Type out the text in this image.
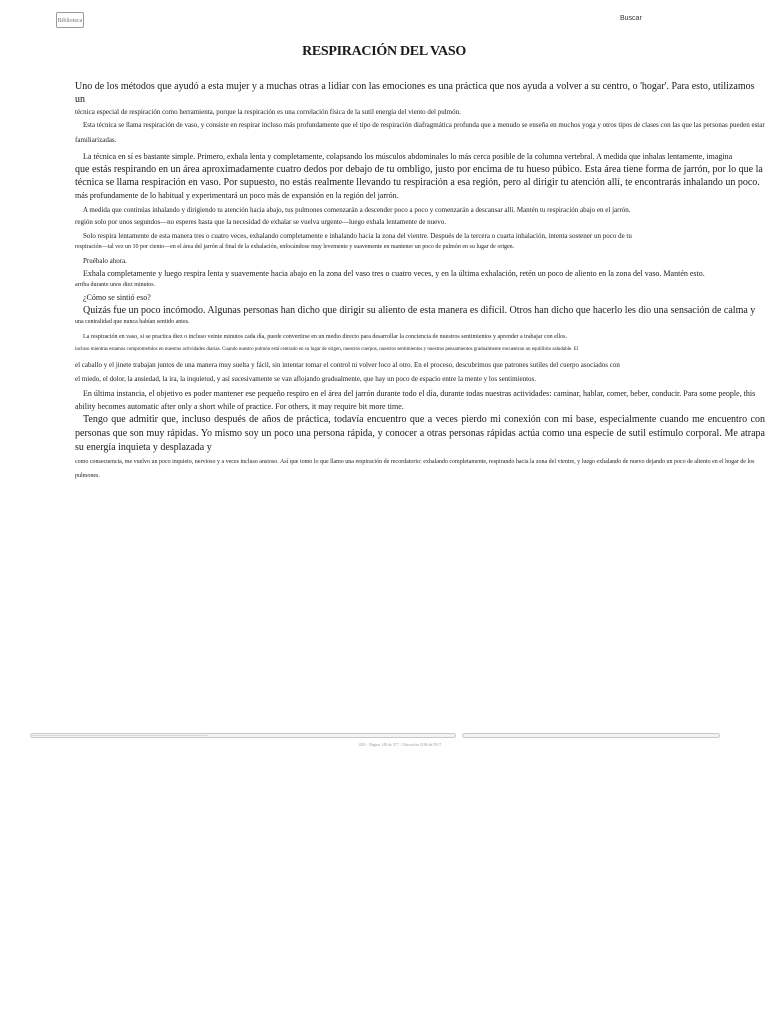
Biblioteca	Buscar
RESPIRACIÓN DEL VASO

Uno de los métodos que ayudó a esta mujer y a muchas otras a lidiar con las emociones es una práctica que nos ayuda a volver a su centro, o 'hogar'. Para esto, utilizamos un

técnica especial de respiración como herramienta, porque la respiración es una correlación física de la sutil energía del viento del pulmón.

Esta técnica se llama respiración de vaso, y consiste en respirar incluso más profundamente que el tipo de respiración diafragmática profunda que a menudo se enseña en muchos yoga y otros tipos de clases con las que las personas pueden estar familiarizadas.

La técnica en sí es bastante simple. Primero, exhala lenta y completamente, colapsando los músculos abdominales lo más cerca posible de la columna vertebral. A medida que inhalas lentamente, imagina

que estás respirando en un área aproximadamente cuatro dedos por debajo de tu ombligo, justo por encima de tu hueso púbico. Esta área tiene forma de jarrón, por lo que la técnica se llama respiración en vaso. Por supuesto, no estás realmente llevando tu respiración a esa región, pero al dirigir tu atención allí, te encontrarás inhalando un poco.

más profundamente de lo habitual y experimentará un poco más de expansión en la región del jarrón.

A medida que continúas inhalando y dirigiendo tu atención hacia abajo, tus pulmones comenzarán a descender poco a poco y comenzarán a descansar allí. Mantén tu respiración abajo en el jarrón.

región solo por unos segundos—no esperes hasta que la necesidad de exhalar se vuelva urgente—luego exhala lentamente de nuevo.

Solo respira lentamente de esta manera tres o cuatro veces, exhalando completamente e inhalando hacia la zona del vientre. Después de la tercera o cuarta inhalación, intenta sostener un poco de tu

respiración—tal vez un 10 por ciento—en el área del jarrón al final de la exhalación, enfocándose muy levemente y suavemente en mantener un poco de pulmón en su lugar de origen.

Pruébalo ahora.

Exhala completamente y luego respira lenta y suavemente hacia abajo en la zona del vaso tres o cuatro veces, y en la última exhalación, retén un poco de aliento en la zona del vaso. Mantén esto.

arriba durante unos diez minutos.

¿Cómo se sintió eso?

Quizás fue un poco incómodo. Algunas personas han dicho que dirigir su aliento de esta manera es difícil. Otros han dicho que hacerlo les dio una sensación de calma y

una centralidad que nunca habían sentido antes.

La respiración en vaso, si se practica diez o incluso veinte minutos cada día, puede convertirse en un medio directo para desarrollar la conciencia de nuestros sentimientos y aprender a trabajar con ellos.

incluso mientras estamos comprometidos en nuestras actividades diarias. Cuando nuestro pulmón está centrado en su lugar de origen, nuestros cuerpos, nuestros sentimientos y nuestros pensamientos gradualmente encuentran un equilibrio saludable. El

el caballo y el jinete trabajan juntos de una manera muy suelta y fácil, sin intentar tomar el control ni volver loco al otro. En el proceso, descubrimos que patrones sutiles del cuerpo asociados con

el miedo, el dolor, la ansiedad, la ira, la inquietud, y así sucesivamente se van aflojando gradualmente, que hay un poco de espacio entre la mente y los sentimientos.

En última instancia, el objetivo es poder mantener ese pequeño respiro en el área del jarrón durante todo el día, durante todas nuestras actividades: caminar, hablar, comer, beber, conducir. Para some people, this ability becomes automatic after only a short while of practice. For others, it may require bit more time.

Tengo que admitir que, incluso después de años de práctica, todavía encuentro que a veces pierdo mi conexión con mi base, especialmente cuando me encuentro con personas que son muy rápidas. Yo mismo soy un poco una persona rápida, y conocer a otras personas rápidas actúa como una especie de sutil estímulo corporal. Me atrapa su energía inquieta y desplazada y

como consecuencia, me vuelvo un poco inquieto, nervioso y a veces incluso ansioso. Así que tomo lo que llamo una respiración de recordatorio: exhalando completamente, respirando hacia la zona del vientre, y luego exhalando de nuevo dejando un poco de aliento en el hogar de los pulmones.

42% · Página 149 de 377 · Ubicación 2186 de 5917
